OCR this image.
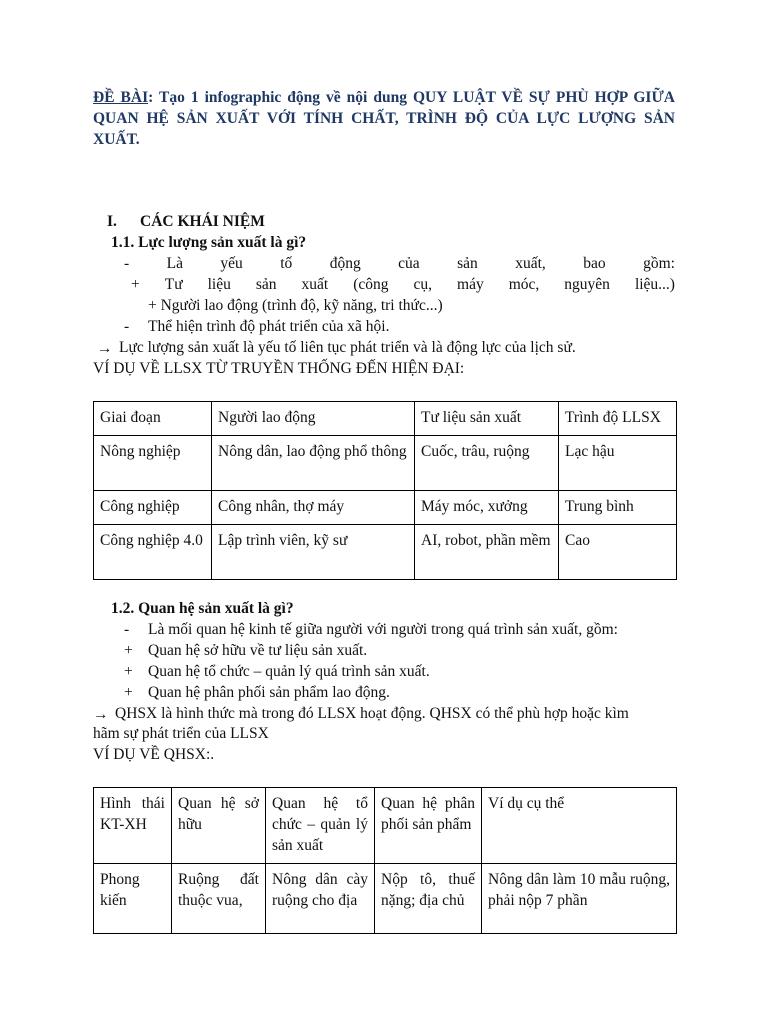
ĐỀ BÀI: Tạo 1 infographic động về nội dung QUY LUẬT VỀ SỰ PHÙ HỢP GIỮA QUAN HỆ SẢN XUẤT VỚI TÍNH CHẤT, TRÌNH ĐỘ CỦA LỰC LƯỢNG SẢN XUẤT.
I. CÁC KHÁI NIỆM
1.1. Lực lượng sản xuất là gì?
- Là yếu tố động của sản xuất, bao gồm:
+ Tư liệu sản xuất (công cụ, máy móc, nguyên liệu...)
+ Người lao động (trình độ, kỹ năng, tri thức...)
- Thể hiện trình độ phát triển của xã hội.
→ Lực lượng sản xuất là yếu tố liên tục phát triển và là động lực của lịch sử.
VÍ DỤ VỀ LLSX TỪ TRUYỀN THỐNG ĐẾN HIỆN ĐẠI:
Giai đoạn	Người lao động	Tư liệu sản xuất	Trình độ LLSX
Nông nghiệp	Nông dân, lao động phổ thông	Cuốc, trâu, ruộng	Lạc hậu
Công nghiệp	Công nhân, thợ máy	Máy móc, xưởng	Trung bình
Công nghiệp 4.0	Lập trình viên, kỹ sư	AI, robot, phần mềm	Cao
1.2. Quan hệ sản xuất là gì?
- Là mối quan hệ kinh tế giữa người với người trong quá trình sản xuất, gồm:
+ Quan hệ sở hữu về tư liệu sản xuất.
+ Quan hệ tổ chức – quản lý quá trình sản xuất.
+ Quan hệ phân phối sản phẩm lao động.
→ QHSX là hình thức mà trong đó LLSX hoạt động. QHSX có thể phù hợp hoặc kìm
hãm sự phát triển của LLSX
VÍ DỤ VỀ QHSX:.
Hình thái KT-XH	Quan hệ sở hữu	Quan hệ tổ chức – quản lý sản xuất	Quan hệ phân phối sản phẩm	Ví dụ cụ thể
Phong kiến	Ruộng đất thuộc vua,	Nông dân cày ruộng cho địa	Nộp tô, thuế nặng; địa chủ	Nông dân làm 10 mẫu ruộng, phải nộp 7 phần
